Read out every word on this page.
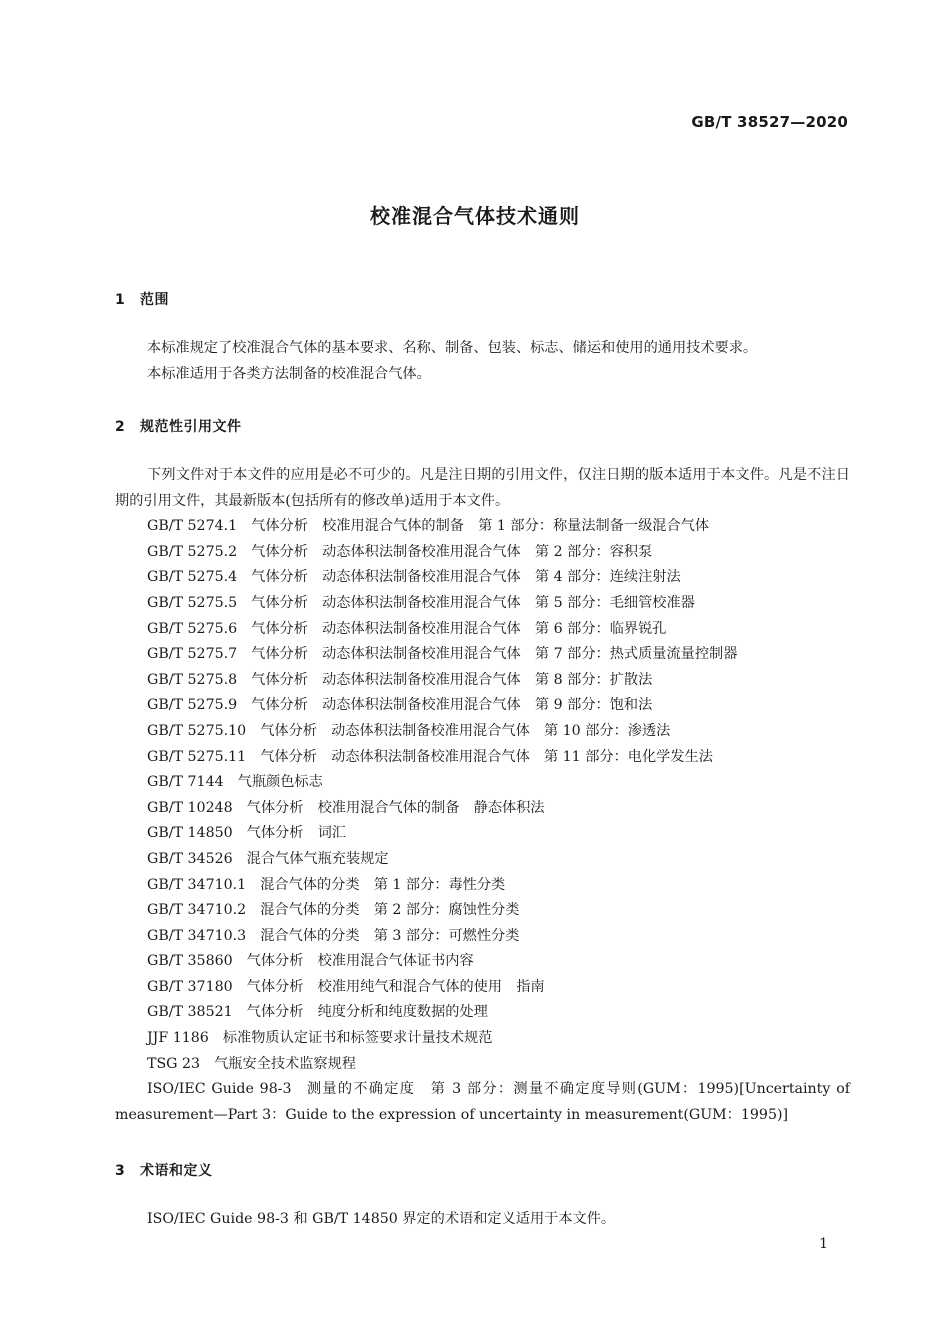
GB/T 38527—2020
校准混合气体技术通则
1 范围

本标准规定了校准混合气体的基本要求、名称、制备、包装、标志、储运和使用的通用技术要求。

本标准适用于各类方法制备的校准混合气体。

2 规范性引用文件

下列文件对于本文件的应用是必不可少的。凡是注日期的引用文件，仅注日期的版本适用于本文件。凡是不注日期的引用文件，其最新版本(包括所有的修改单)适用于本文件。

GB/T 5274.1 气体分析　校准用混合气体的制备　第 1 部分：称量法制备一级混合气体

GB/T 5275.2 气体分析　动态体积法制备校准用混合气体　第 2 部分：容积泵

GB/T 5275.4 气体分析　动态体积法制备校准用混合气体　第 4 部分：连续注射法

GB/T 5275.5 气体分析　动态体积法制备校准用混合气体　第 5 部分：毛细管校准器

GB/T 5275.6 气体分析　动态体积法制备校准用混合气体　第 6 部分：临界锐孔

GB/T 5275.7 气体分析　动态体积法制备校准用混合气体　第 7 部分：热式质量流量控制器

GB/T 5275.8 气体分析　动态体积法制备校准用混合气体　第 8 部分：扩散法

GB/T 5275.9 气体分析　动态体积法制备校准用混合气体　第 9 部分：饱和法

GB/T 5275.10 气体分析　动态体积法制备校准用混合气体　第 10 部分：渗透法

GB/T 5275.11 气体分析　动态体积法制备校准用混合气体　第 11 部分：电化学发生法

GB/T 7144 气瓶颜色标志

GB/T 10248 气体分析　校准用混合气体的制备　静态体积法

GB/T 14850 气体分析　词汇

GB/T 34526 混合气体气瓶充装规定

GB/T 34710.1 混合气体的分类　第 1 部分：毒性分类

GB/T 34710.2 混合气体的分类　第 2 部分：腐蚀性分类

GB/T 34710.3 混合气体的分类　第 3 部分：可燃性分类

GB/T 35860 气体分析　校准用混合气体证书内容

GB/T 37180 气体分析　校准用纯气和混合气体的使用　指南

GB/T 38521 气体分析　纯度分析和纯度数据的处理

JJF 1186 标准物质认定证书和标签要求计量技术规范

TSG 23 气瓶安全技术监察规程

ISO/IEC Guide 98-3 测量的不确定度　第 3 部分：测量不确定度导则(GUM：1995)[Uncertainty of measurement—Part 3：Guide to the expression of uncertainty in measurement(GUM：1995)]

3 术语和定义

ISO/IEC Guide 98-3 和 GB/T 14850 界定的术语和定义适用于本文件。

1
